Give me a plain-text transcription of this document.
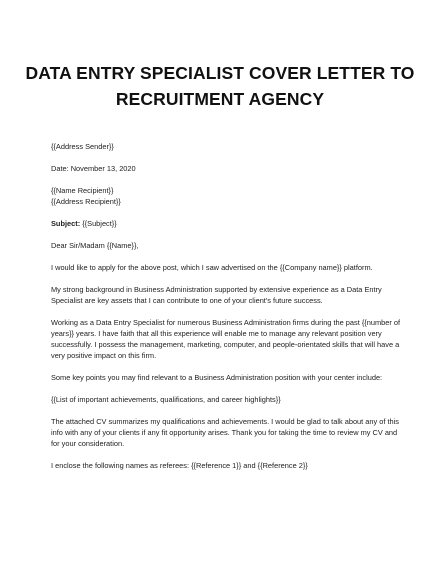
DATA ENTRY SPECIALIST COVER LETTER TO
RECRUITMENT AGENCY

{{Address Sender}}

Date: November 13, 2020

{{Name Recipient}}

{{Address Recipient}}

Subject: {{Subject}}

Dear Sir/Madam {{Name}},

I would like to apply for the above post, which I saw advertised on the {{Company name}} platform.

My strong background in Business Administration supported by extensive experience as a Data Entry Specialist are key assets that I can contribute to one of your client's future success.

Working as a Data Entry Specialist for numerous Business Administration firms during the past {{number of years}} years. I have faith that all this experience will enable me to manage any relevant position very successfully. I possess the management, marketing, computer, and people-orientated skills that will have a very positive impact on this firm.

Some key points you may find relevant to a Business Administration position with your center include:

{{List of important achievements, qualifications, and career highlights}}

The attached CV summarizes my qualifications and achievements. I would be glad to talk about any of this info with any of your clients if any fit opportunity arises. Thank you for taking the time to review my CV and for your consideration.

I enclose the following names as referees: {{Reference 1}} and {{Reference 2}}
